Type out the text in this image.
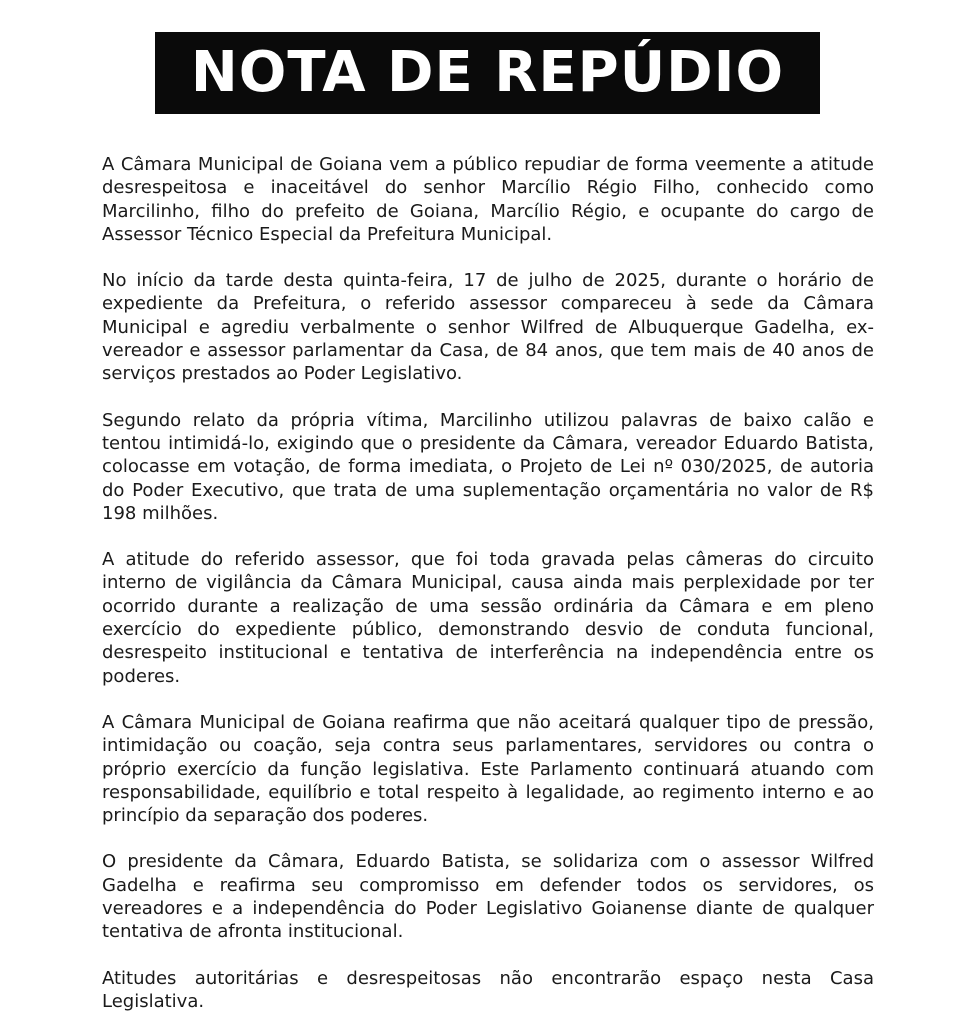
NOTA DE REPÚDIO

A Câmara Municipal de Goiana vem a público repudiar de forma veemente a atitude desrespeitosa e inaceitável do senhor Marcílio Régio Filho, conhecido como Marcilinho, filho do prefeito de Goiana, Marcílio Régio, e ocupante do cargo de Assessor Técnico Especial da Prefeitura Municipal.

No início da tarde desta quinta-feira, 17 de julho de 2025, durante o horário de expediente da Prefeitura, o referido assessor compareceu à sede da Câmara Municipal e agrediu verbalmente o senhor Wilfred de Albuquerque Gadelha, ex-vereador e assessor parlamentar da Casa, de 84 anos, que tem mais de 40 anos de serviços prestados ao Poder Legislativo.

Segundo relato da própria vítima, Marcilinho utilizou palavras de baixo calão e tentou intimidá-lo, exigindo que o presidente da Câmara, vereador Eduardo Batista, colocasse em votação, de forma imediata, o Projeto de Lei nº 030/2025, de autoria do Poder Executivo, que trata de uma suplementação orçamentária no valor de R$ 198 milhões.

A atitude do referido assessor, que foi toda gravada pelas câmeras do circuito interno de vigilância da Câmara Municipal, causa ainda mais perplexidade por ter ocorrido durante a realização de uma sessão ordinária da Câmara e em pleno exercício do expediente público, demonstrando desvio de conduta funcional, desrespeito institucional e tentativa de interferência na independência entre os poderes.

A Câmara Municipal de Goiana reafirma que não aceitará qualquer tipo de pressão, intimidação ou coação, seja contra seus parlamentares, servidores ou contra o próprio exercício da função legislativa. Este Parlamento continuará atuando com responsabilidade, equilíbrio e total respeito à legalidade, ao regimento interno e ao princípio da separação dos poderes.

O presidente da Câmara, Eduardo Batista, se solidariza com o assessor Wilfred Gadelha e reafirma seu compromisso em defender todos os servidores, os vereadores e a independência do Poder Legislativo Goianense diante de qualquer tentativa de afronta institucional.

Atitudes autoritárias e desrespeitosas não encontrarão espaço nesta Casa Legislativa.
